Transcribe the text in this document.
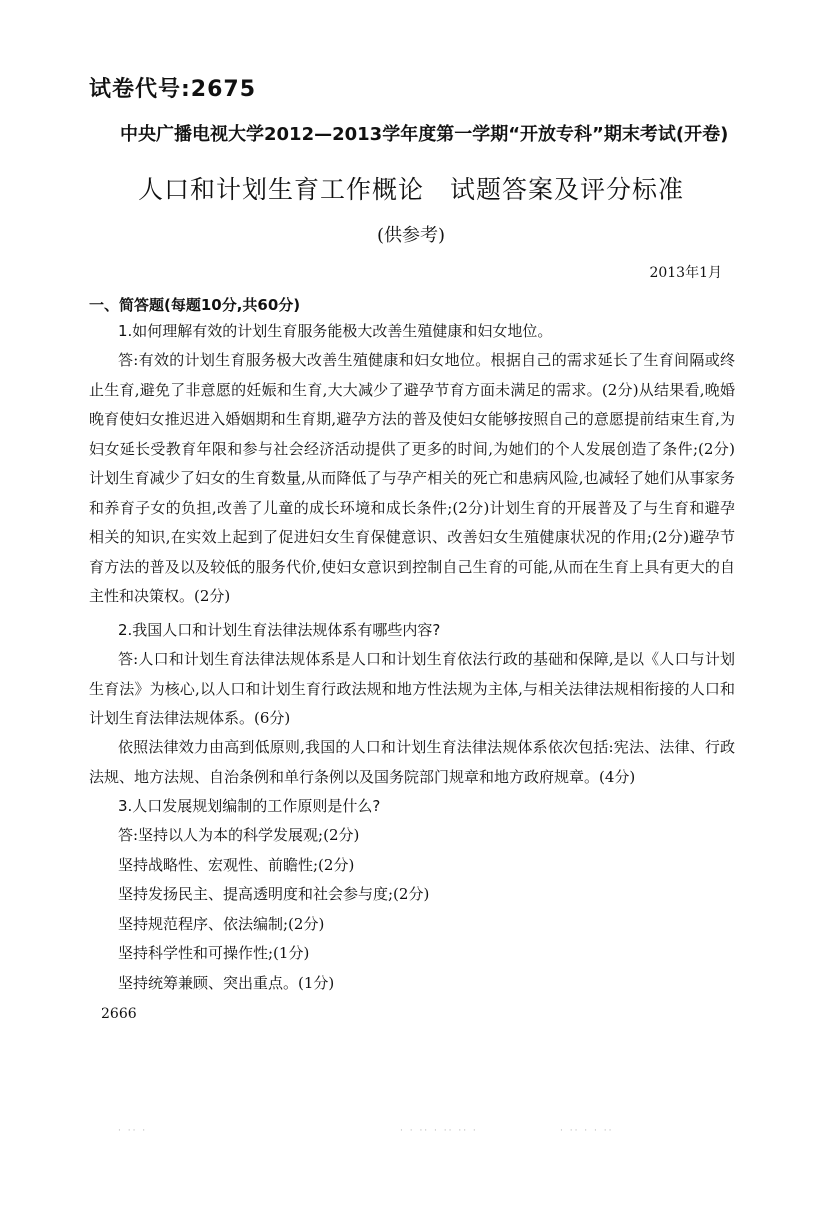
试卷代号:2675
中央广播电视大学2012—2013学年度第一学期“开放专科”期末考试(开卷)
人口和计划生育工作概论　试题答案及评分标准
(供参考)
2013年1月
一、简答题(每题10分,共60分)
1.如何理解有效的计划生育服务能极大改善生殖健康和妇女地位。
答:有效的计划生育服务极大改善生殖健康和妇女地位。根据自己的需求延长了生育间隔或终止生育,避免了非意愿的妊娠和生育,大大减少了避孕节育方面未满足的需求。(2分)从结果看,晚婚晚育使妇女推迟进入婚姻期和生育期,避孕方法的普及使妇女能够按照自己的意愿提前结束生育,为妇女延长受教育年限和参与社会经济活动提供了更多的时间,为她们的个人发展创造了条件;(2分)计划生育减少了妇女的生育数量,从而降低了与孕产相关的死亡和患病风险,也减轻了她们从事家务和养育子女的负担,改善了儿童的成长环境和成长条件;(2分)计划生育的开展普及了与生育和避孕相关的知识,在实效上起到了促进妇女生育保健意识、改善妇女生殖健康状况的作用;(2分)避孕节育方法的普及以及较低的服务代价,使妇女意识到控制自己生育的可能,从而在生育上具有更大的自主性和决策权。(2分)
2.我国人口和计划生育法律法规体系有哪些内容?
答:人口和计划生育法律法规体系是人口和计划生育依法行政的基础和保障,是以《人口与计划生育法》为核心,以人口和计划生育行政法规和地方性法规为主体,与相关法律法规相衔接的人口和计划生育法律法规体系。(6分)
依照法律效力由高到低原则,我国的人口和计划生育法律法规体系依次包括:宪法、法律、行政法规、地方法规、自治条例和单行条例以及国务院部门规章和地方政府规章。(4分)
3.人口发展规划编制的工作原则是什么?
答:坚持以人为本的科学发展观;(2分)
坚持战略性、宏观性、前瞻性;(2分)
坚持发扬民主、提高透明度和社会参与度;(2分)
坚持规范程序、依法编制;(2分)
坚持科学性和可操作性;(1分)
坚持统筹兼顾、突出重点。(1分)
2666
· ·· ·	· · ·· · ·· ·· ·	· ·· · · ··
